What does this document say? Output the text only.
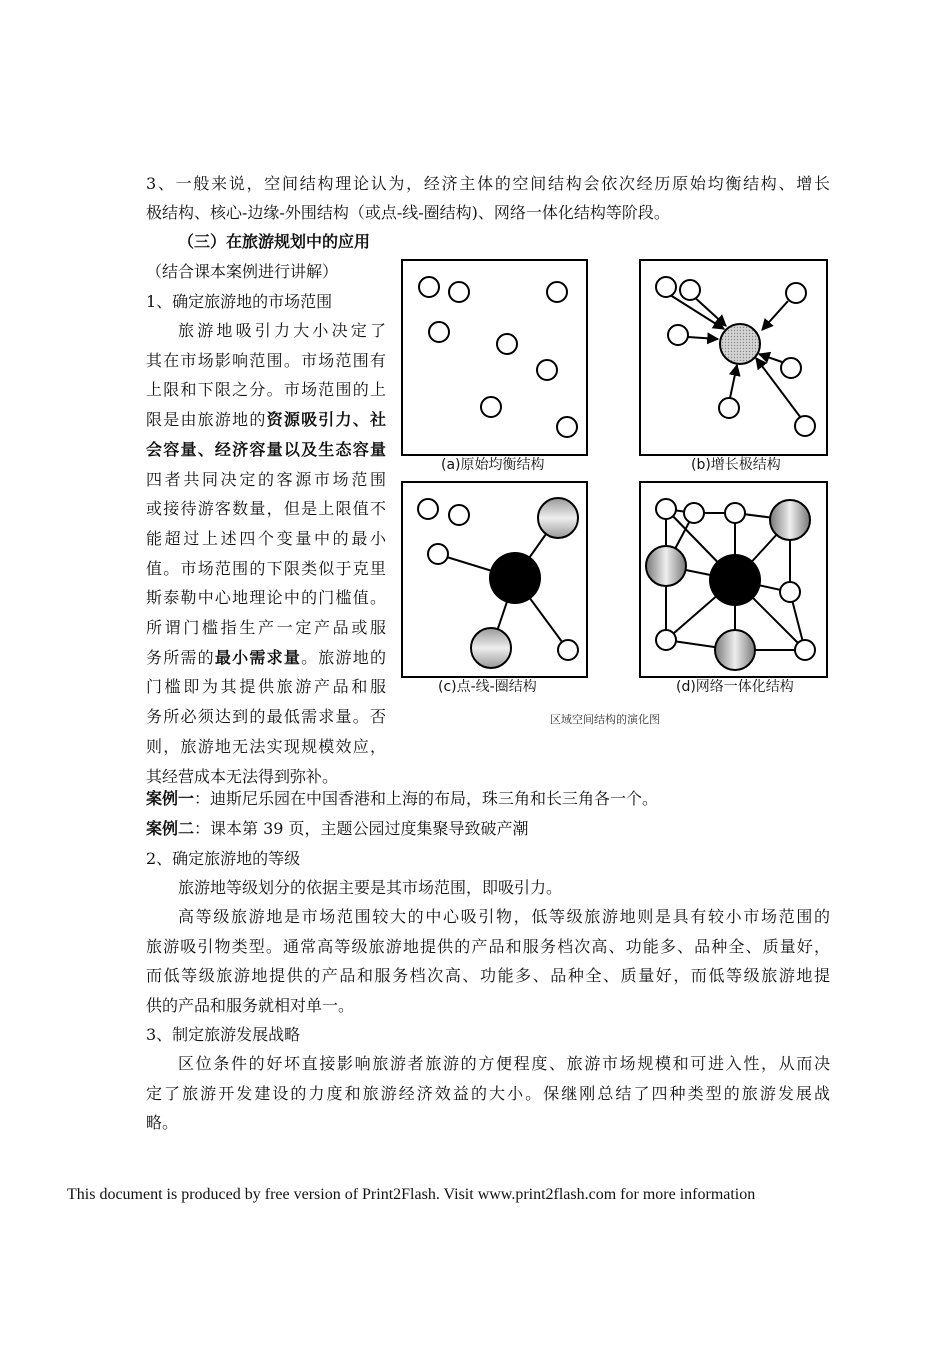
3、一般来说，空间结构理论认为，经济主体的空间结构会依次经历原始均衡结构、增长
极结构、核心-边缘-外围结构（或点-线-圈结构)、网络一体化结构等阶段。
（三）在旅游规划中的应用
（结合课本案例进行讲解）
1、确定旅游地的市场范围
旅游地吸引力大小决定了
其在市场影响范围。市场范围有
上限和下限之分。市场范围的上
限是由旅游地的资源吸引力、社
会容量、经济容量以及生态容量
四者共同决定的客源市场范围
或接待游客数量，但是上限值不
能超过上述四个变量中的最小
值。市场范围的下限类似于克里
斯泰勒中心地理论中的门槛值。
所谓门槛指生产一定产品或服
务所需的最小需求量。旅游地的
门槛即为其提供旅游产品和服
务所必须达到的最低需求量。否
则，旅游地无法实现规模效应，
其经营成本无法得到弥补。
(a)原始均衡结构	(b)增长极结构
(c)点-线-圈结构	(d)网络一体化结构
区域空间结构的演化图
案例一：迪斯尼乐园在中国香港和上海的布局，珠三角和长三角各一个。
案例二：课本第 39 页，主题公园过度集聚导致破产潮
2、确定旅游地的等级
旅游地等级划分的依据主要是其市场范围，即吸引力。
高等级旅游地是市场范围较大的中心吸引物，低等级旅游地则是具有较小市场范围的
旅游吸引物类型。通常高等级旅游地提供的产品和服务档次高、功能多、品种全、质量好，
而低等级旅游地提供的产品和服务档次高、功能多、品种全、质量好，而低等级旅游地提
供的产品和服务就相对单一。
3、制定旅游发展战略
区位条件的好坏直接影响旅游者旅游的方便程度、旅游市场规模和可进入性，从而决
定了旅游开发建设的力度和旅游经济效益的大小。保继刚总结了四种类型的旅游发展战
略。
This document is produced by free version of Print2Flash. Visit www.print2flash.com for more information
